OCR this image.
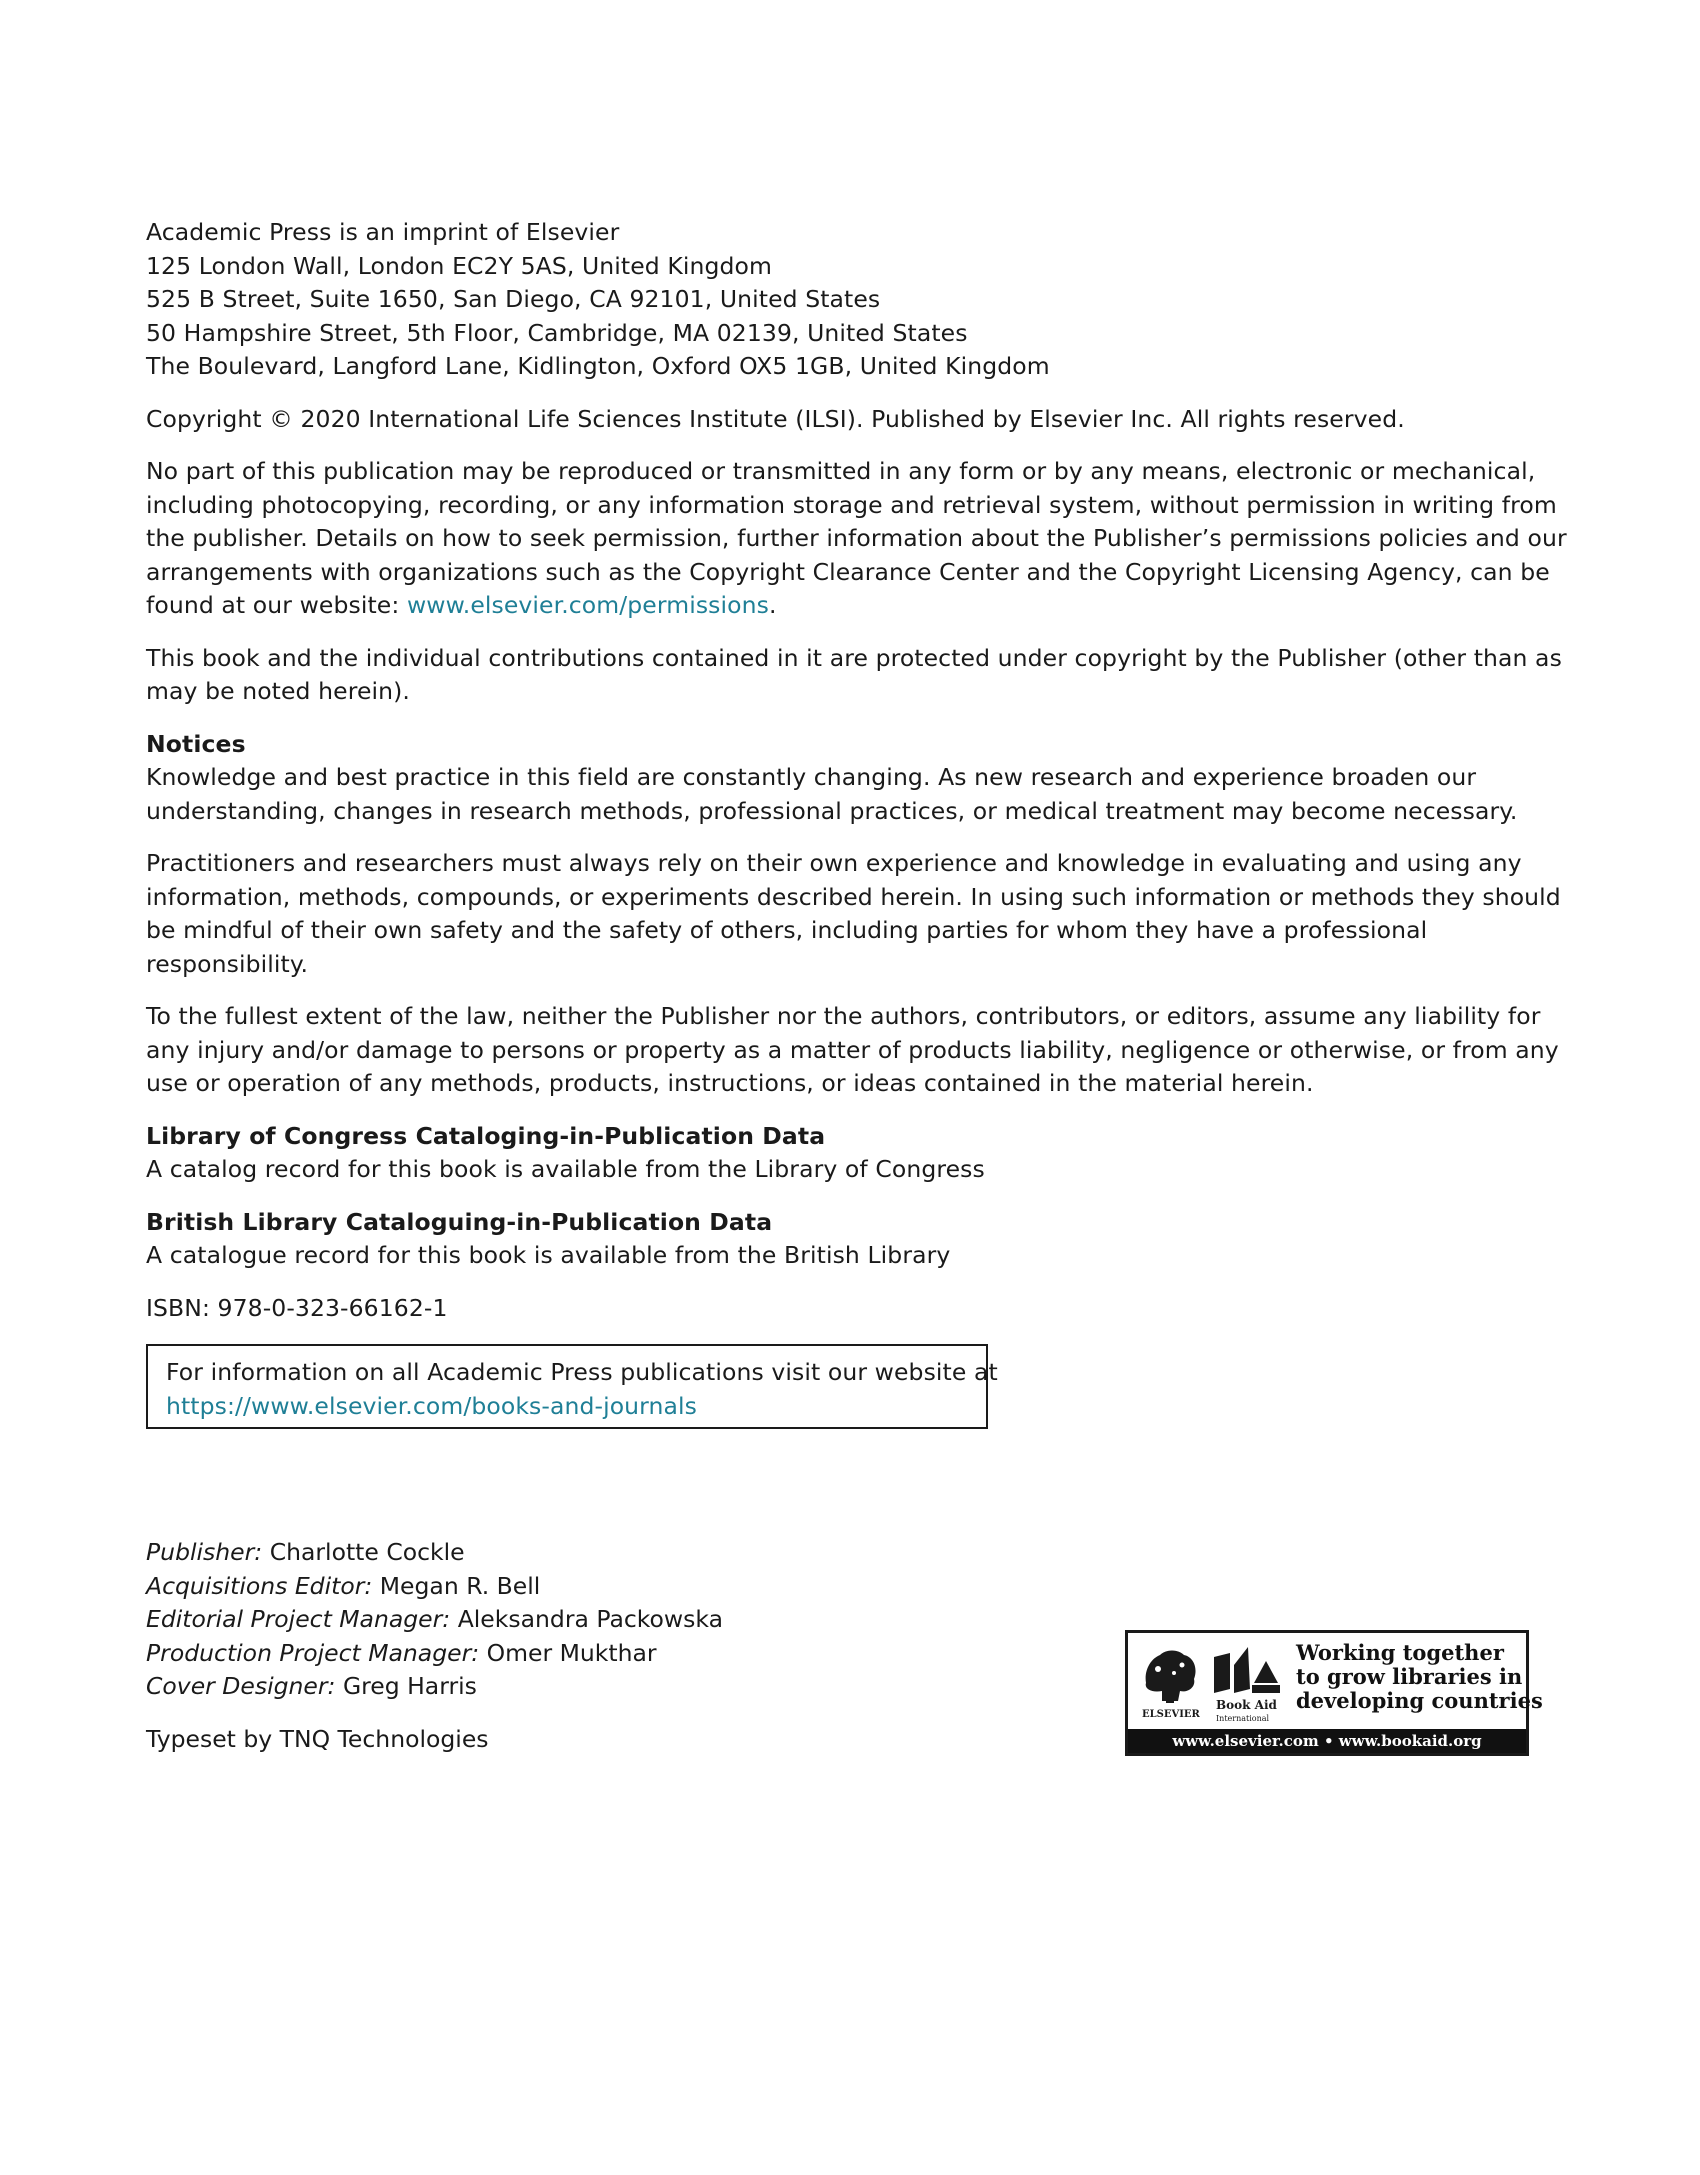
Academic Press is an imprint of Elsevier
125 London Wall, London EC2Y 5AS, United Kingdom
525 B Street, Suite 1650, San Diego, CA 92101, United States
50 Hampshire Street, 5th Floor, Cambridge, MA 02139, United States
The Boulevard, Langford Lane, Kidlington, Oxford OX5 1GB, United Kingdom
Copyright © 2020 International Life Sciences Institute (ILSI). Published by Elsevier Inc. All rights reserved.
No part of this publication may be reproduced or transmitted in any form or by any means, electronic or mechanical,
including photocopying, recording, or any information storage and retrieval system, without permission in writing from
the publisher. Details on how to seek permission, further information about the Publisher’s permissions policies and our
arrangements with organizations such as the Copyright Clearance Center and the Copyright Licensing Agency, can be
found at our website: www.elsevier.com/permissions.
This book and the individual contributions contained in it are protected under copyright by the Publisher (other than as
may be noted herein).
Notices
Knowledge and best practice in this field are constantly changing. As new research and experience broaden our
understanding, changes in research methods, professional practices, or medical treatment may become necessary.
Practitioners and researchers must always rely on their own experience and knowledge in evaluating and using any
information, methods, compounds, or experiments described herein. In using such information or methods they should
be mindful of their own safety and the safety of others, including parties for whom they have a professional
responsibility.
To the fullest extent of the law, neither the Publisher nor the authors, contributors, or editors, assume any liability for
any injury and/or damage to persons or property as a matter of products liability, negligence or otherwise, or from any
use or operation of any methods, products, instructions, or ideas contained in the material herein.
Library of Congress Cataloging-in-Publication Data
A catalog record for this book is available from the Library of Congress
British Library Cataloguing-in-Publication Data
A catalogue record for this book is available from the British Library
ISBN: 978-0-323-66162-1
For information on all Academic Press publications visit our website at
https://www.elsevier.com/books-and-journals
Publisher: Charlotte Cockle
Acquisitions Editor: Megan R. Bell
Editorial Project Manager: Aleksandra Packowska
Production Project Manager: Omer Mukthar
Cover Designer: Greg Harris
Typeset by TNQ Technologies
ELSEVIER
Book Aid
International
Working together
to grow libraries in
developing countries
www.elsevier.com • www.bookaid.org
